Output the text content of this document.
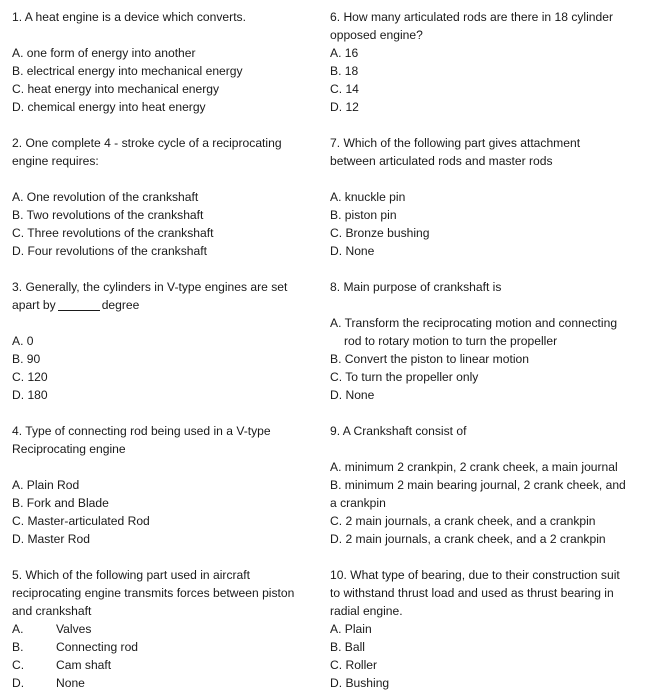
1. A heat engine is a device which converts.
A. one form of energy into another
B. electrical energy into mechanical energy
C. heat energy into mechanical energy
D. chemical energy into heat energy
2. One complete 4 - stroke cycle of a reciprocating
engine requires:
A. One revolution of the crankshaft
B. Two revolutions of the crankshaft
C. Three revolutions of the crankshaft
D. Four revolutions of the crankshaft
3. Generally, the cylinders in V-type engines are set
apart by	degree
A. 0
B. 90
C. 120
D. 180
4. Type of connecting rod being used in a V-type
Reciprocating engine
A. Plain Rod
B. Fork and Blade
C. Master-articulated Rod
D. Master Rod
5. Which of the following part used in aircraft
reciprocating engine transmits forces between piston
and crankshaft
A.	Valves
B.	Connecting rod
C.	Cam shaft
D.	None
6. How many articulated rods are there in 18 cylinder
opposed engine?
A. 16
B. 18
C. 14
D. 12
7. Which of the following part gives attachment
between articulated rods and master rods
A. knuckle pin
B. piston pin
C. Bronze bushing
D. None
8. Main purpose of crankshaft is
A. Transform the reciprocating motion and connecting
rod to rotary motion to turn the propeller
B. Convert the piston to linear motion
C. To turn the propeller only
D. None
9. A Crankshaft consist of
A. minimum 2 crankpin, 2 crank cheek, a main journal
B. minimum 2 main bearing journal, 2 crank cheek, and
a crankpin
C. 2 main journals, a crank cheek, and a crankpin
D. 2 main journals, a crank cheek, and a 2 crankpin
10. What type of bearing, due to their construction suit
to withstand thrust load and used as thrust bearing in
radial engine.
A. Plain
B. Ball
C. Roller
D. Bushing
